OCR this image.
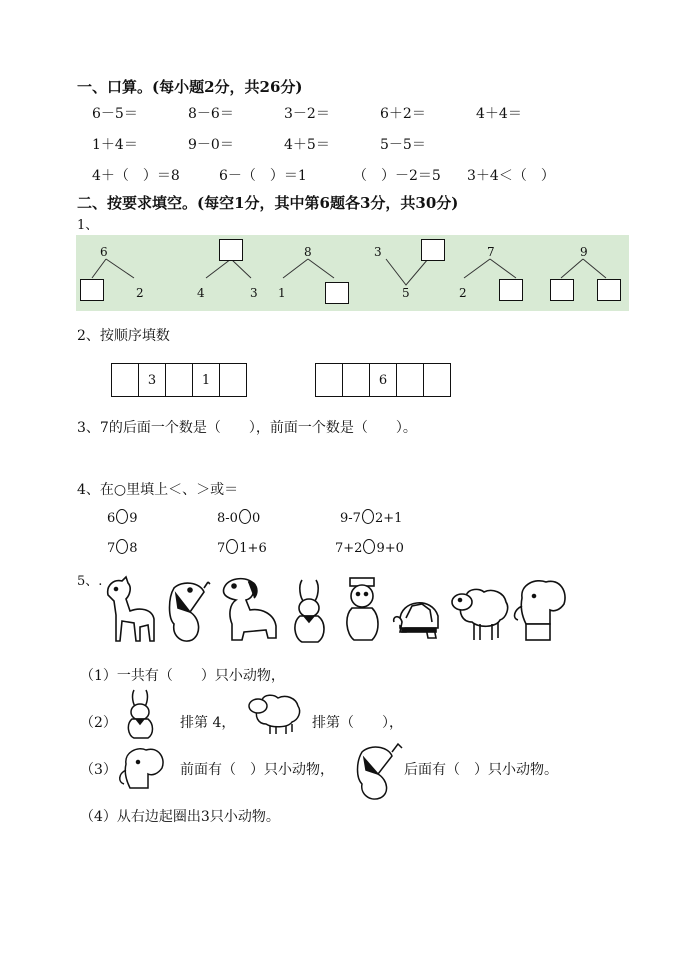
一、口算。(每小题2分，共26分)
6－5＝	8－6＝	3－2＝	6＋2＝	4＋4＝
1＋4＝	9－0＝	4＋5＝	5－5＝
4＋（　）＝8	6－（　）＝1	（　）－2＝5 3＋4＜（　）
二、按要求填空。(每空1分，其中第6题各3分，共30分)
1、
6
2	4	3
8
1
3
5
7
2
9
2、按顺序填数
3	1	6
3、7的后面一个数是（　　），前面一个数是（　　）。
4、在○里填上＜、＞或＝
6 9	8-0 0	9-7 2+1
7 8	7 1+6	7+2 9+0
5、.
（1）一共有（　　）只小动物，
（2）	排第 4，	排第（　　），
（3）	前面有（　）只小动物，	后面有（　）只小动物。
（4）从右边起圈出3只小动物。
